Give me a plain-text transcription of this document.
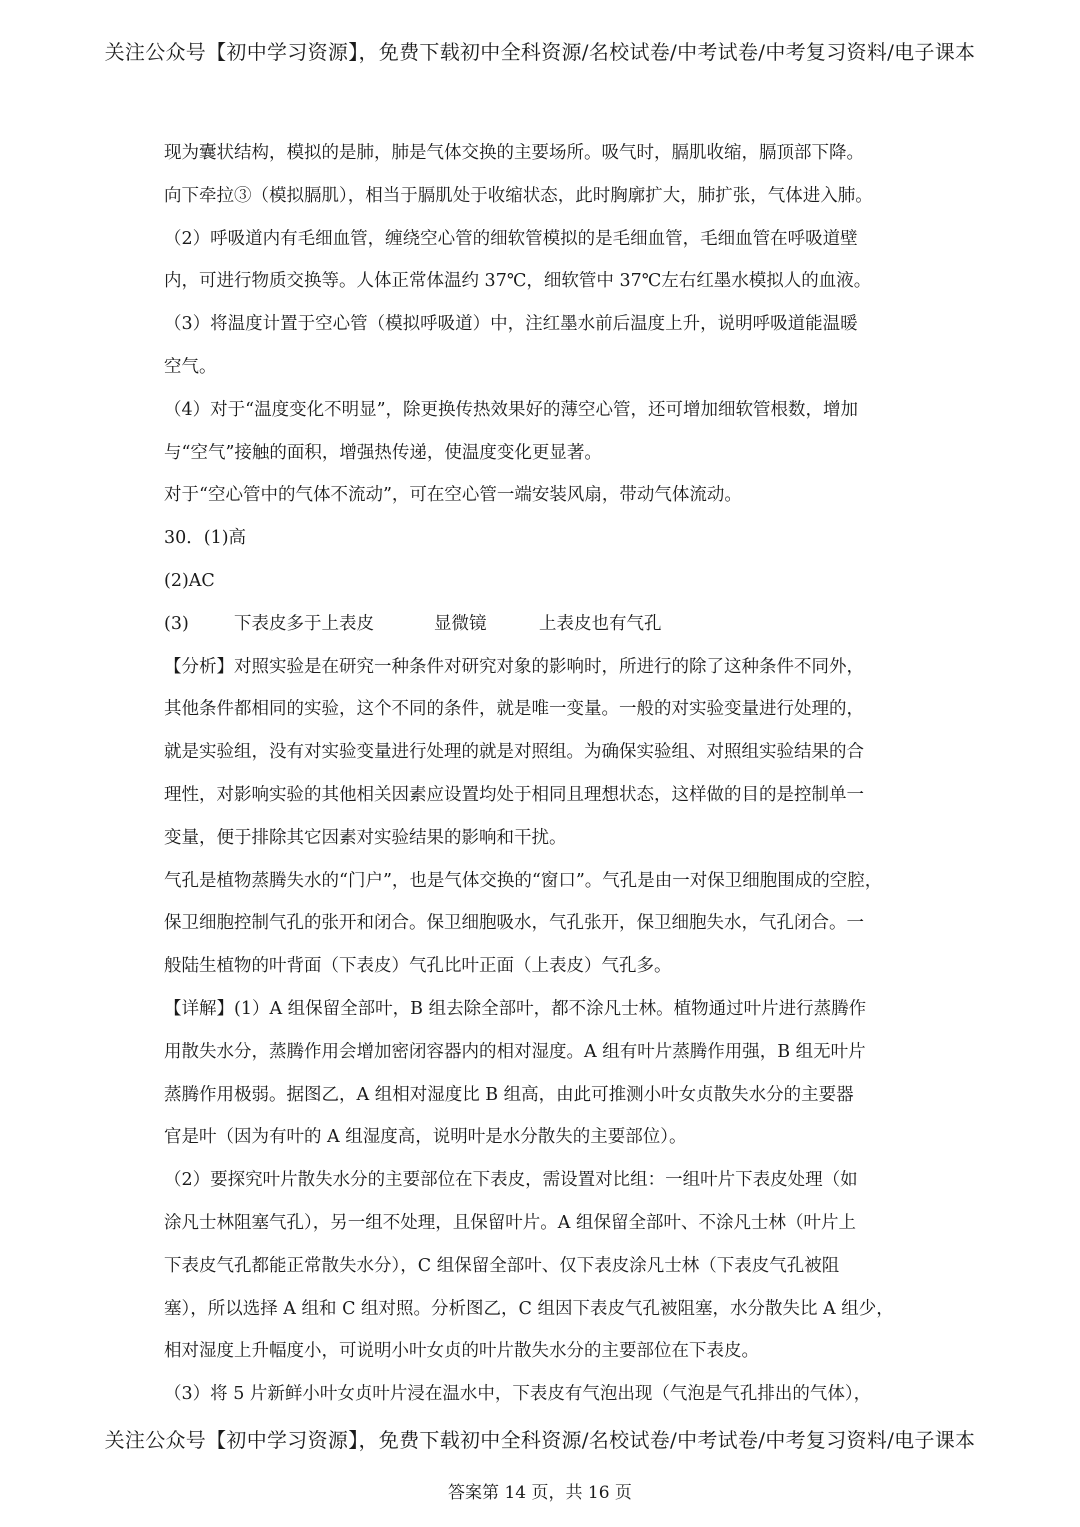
关注公众号【初中学习资源】，免费下载初中全科资源/名校试卷/中考试卷/中考复习资料/电子课本
现为囊状结构，模拟的是肺，肺是气体交换的主要场所。吸气时，膈肌收缩，膈顶部下降。
向下牵拉③（模拟膈肌），相当于膈肌处于收缩状态，此时胸廓扩大，肺扩张，气体进入肺。
（2）呼吸道内有毛细血管，缠绕空心管的细软管模拟的是毛细血管，毛细血管在呼吸道壁
内，可进行物质交换等。人体正常体温约 37℃，细软管中 37℃左右红墨水模拟人的血液。
（3）将温度计置于空心管（模拟呼吸道）中，注红墨水前后温度上升，说明呼吸道能温暖
空气。
（4）对于“温度变化不明显”，除更换传热效果好的薄空心管，还可增加细软管根数，增加
与“空气”接触的面积，增强热传递，使温度变化更显著。
对于“空心管中的气体不流动”，可在空心管一端安装风扇，带动气体流动。
30．(1)高
(2)AC
(3)	下表皮多于上表皮	显微镜	上表皮也有气孔
【分析】对照实验是在研究一种条件对研究对象的影响时，所进行的除了这种条件不同外，
其他条件都相同的实验，这个不同的条件，就是唯一变量。一般的对实验变量进行处理的，
就是实验组，没有对实验变量进行处理的就是对照组。为确保实验组、对照组实验结果的合
理性，对影响实验的其他相关因素应设置均处于相同且理想状态，这样做的目的是控制单一
变量，便于排除其它因素对实验结果的影响和干扰。
气孔是植物蒸腾失水的“门户”，也是气体交换的“窗口”。气孔是由一对保卫细胞围成的空腔，
保卫细胞控制气孔的张开和闭合。保卫细胞吸水，气孔张开，保卫细胞失水，气孔闭合。一
般陆生植物的叶背面（下表皮）气孔比叶正面（上表皮）气孔多。
【详解】(1）A 组保留全部叶，B 组去除全部叶，都不涂凡士林。植物通过叶片进行蒸腾作
用散失水分，蒸腾作用会增加密闭容器内的相对湿度。A 组有叶片蒸腾作用强，B 组无叶片
蒸腾作用极弱。据图乙，A 组相对湿度比 B 组高，由此可推测小叶女贞散失水分的主要器
官是叶（因为有叶的 A 组湿度高，说明叶是水分散失的主要部位）。
（2）要探究叶片散失水分的主要部位在下表皮，需设置对比组：一组叶片下表皮处理（如
涂凡士林阻塞气孔），另一组不处理，且保留叶片。A 组保留全部叶、不涂凡士林（叶片上
下表皮气孔都能正常散失水分），C 组保留全部叶、仅下表皮涂凡士林（下表皮气孔被阻
塞），所以选择 A 组和 C 组对照。分析图乙，C 组因下表皮气孔被阻塞，水分散失比 A 组少，
相对湿度上升幅度小，可说明小叶女贞的叶片散失水分的主要部位在下表皮。
（3）将 5 片新鲜小叶女贞叶片浸在温水中，下表皮有气泡出现（气泡是气孔排出的气体），
关注公众号【初中学习资源】，免费下载初中全科资源/名校试卷/中考试卷/中考复习资料/电子课本
答案第 14 页，共 16 页
